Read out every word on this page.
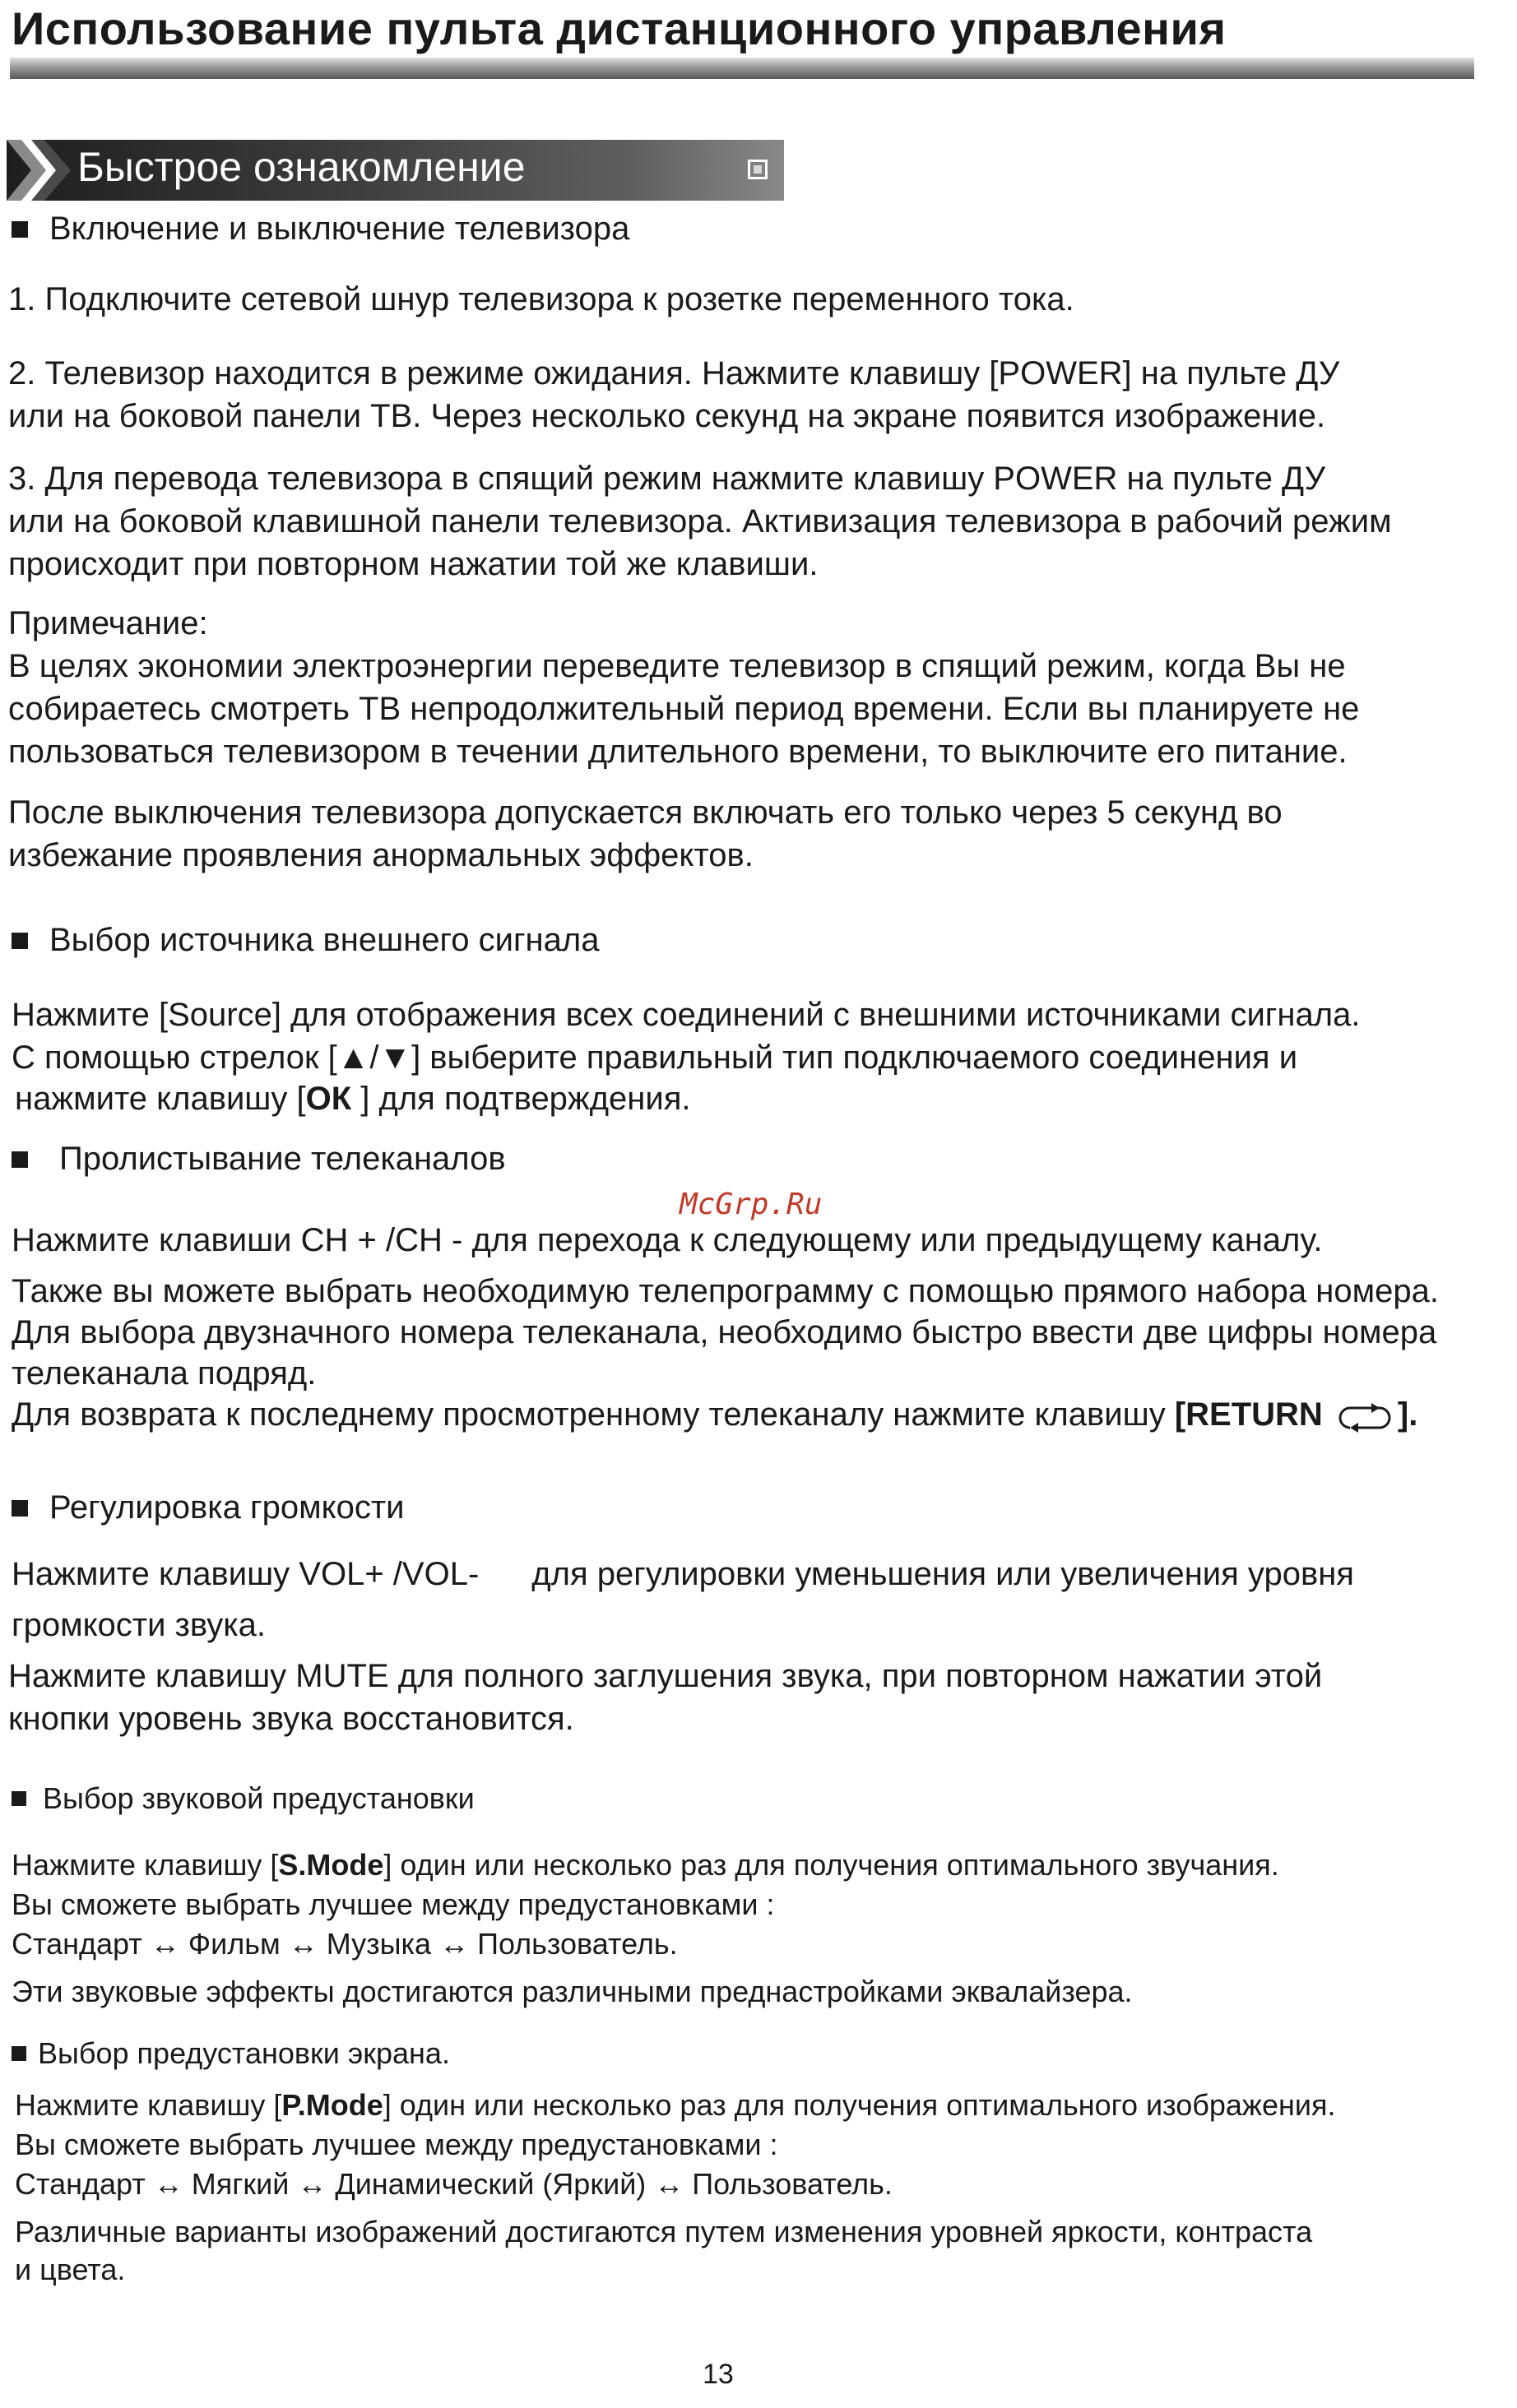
Использование пульта дистанционного управления
Быстрое ознакомление
Включение и выключение телевизора
1. Подключите сетевой шнур телевизора к розетке переменного тока.
2. Телевизор находится в режиме ожидания. Нажмите клавишу [POWER] на пульте ДУ
или на боковой панели ТВ. Через несколько секунд на экране появится изображение.
3. Для перевода телевизора в спящий режим нажмите клавишу POWER на пульте ДУ
или на боковой клавишной панели телевизора. Активизация телевизора в рабочий режим
происходит при повторном нажатии той же клавиши.
Примечание:
В целях экономии электроэнергии переведите телевизор в спящий режим, когда Вы не
собираетесь смотреть ТВ непродолжительный период времени. Если вы планируете не
пользоваться телевизором в течении длительного времени, то выключите его питание.
После выключения телевизора допускается включать его только через 5 секунд во
избежание проявления анормальных эффектов.
Выбор источника внешнего сигнала
Нажмите [Source] для отображения всех соединений с внешними источниками сигнала.
С помощью стрелок [▲/▼] выберите правильный тип подключаемого соединения и
нажмите клавишу [ОК ] для подтверждения.
Пролистывание телеканалов
McGrp.Ru
Нажмите клавиши CH + /CH - для перехода к следующему или предыдущему каналу.
Также вы можете выбрать необходимую телепрограмму с помощью прямого набора номера.
Для выбора двузначного номера телеканала, необходимо быстро ввести две цифры номера
телеканала подряд.
Для возврата к последнему просмотренному телеканалу нажмите клавишу [RETURN ].
Регулировка громкости
Нажмите клавишу VOL+ /VOL- для регулировки уменьшения или увеличения уровня
громкости звука.
Нажмите клавишу MUTE для полного заглушения звука, при повторном нажатии этой
кнопки уровень звука восстановится.
Выбор звуковой предустановки
Нажмите клавишу [S.Mode] один или несколько раз для получения оптимального звучания.
Вы сможете выбрать лучшее между предустановками :
Стандарт ↔ Фильм ↔ Музыка ↔ Пользователь.
Эти звуковые эффекты достигаются различными преднастройками эквалайзера.
Выбор предустановки экрана.
Нажмите клавишу [P.Mode] один или несколько раз для получения оптимального изображения.
Вы сможете выбрать лучшее между предустановками :
Стандарт ↔ Мягкий ↔ Динамический (Яркий) ↔ Пользователь.
Различные варианты изображений достигаются путем изменения уровней яркости, контраста
и цвета.
13
